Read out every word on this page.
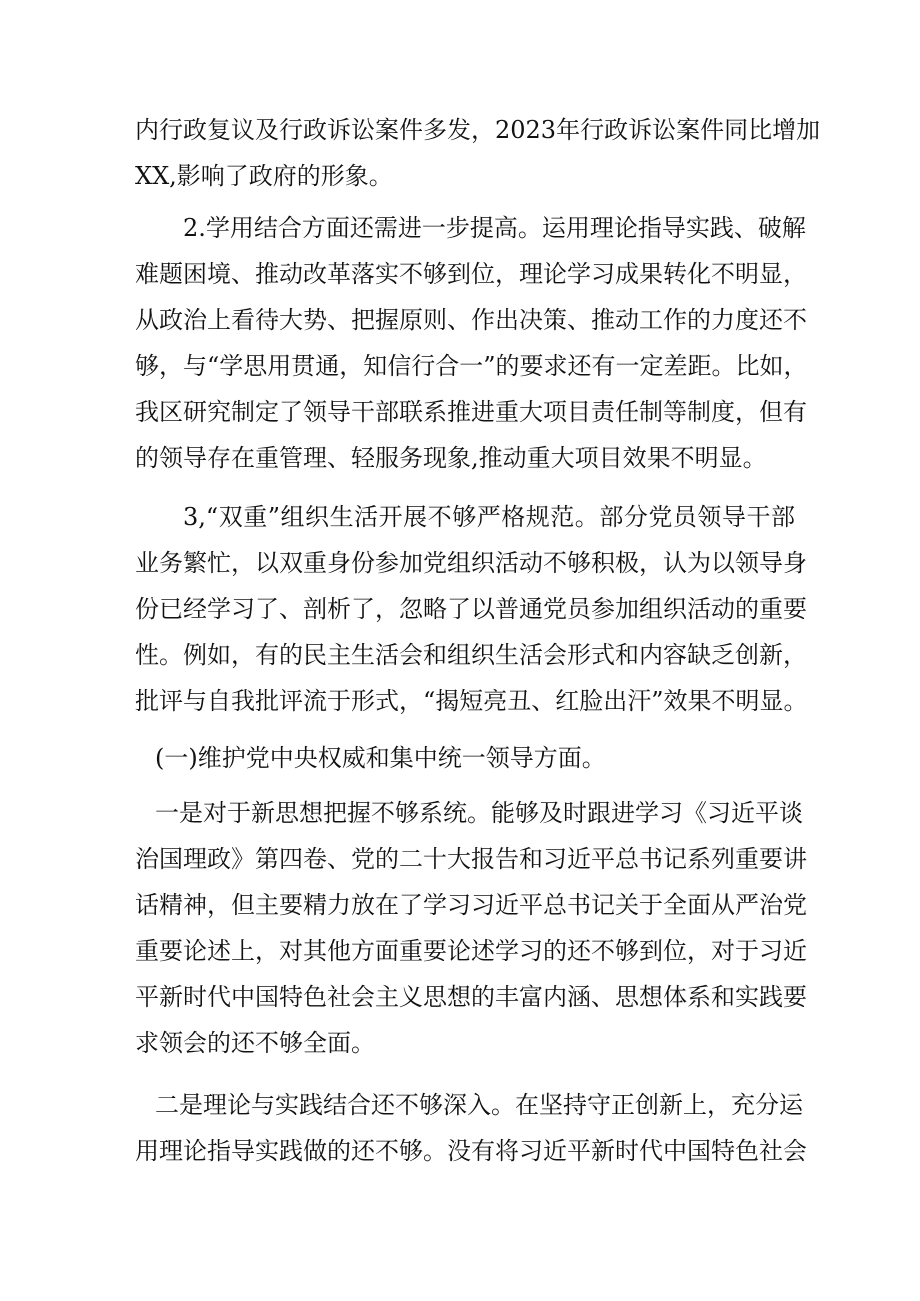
内行政复议及行政诉讼案件多发，2023年行政诉讼案件同比增加
XX,影响了政府的形象。
2.学用结合方面还需进一步提高。运用理论指导实践、破解
难题困境、推动改革落实不够到位，理论学习成果转化不明显，
从政治上看待大势、把握原则、作出决策、推动工作的力度还不
够，与“学思用贯通，知信行合一”的要求还有一定差距。比如，
我区研究制定了领导干部联系推进重大项目责任制等制度，但有
的领导存在重管理、轻服务现象,推动重大项目效果不明显。
3,“双重”组织生活开展不够严格规范。部分党员领导干部
业务繁忙，以双重身份参加党组织活动不够积极，认为以领导身
份已经学习了、剖析了，忽略了以普通党员参加组织活动的重要
性。例如，有的民主生活会和组织生活会形式和内容缺乏创新，
批评与自我批评流于形式，“揭短亮丑、红脸出汗”效果不明显。
(一)维护党中央权威和集中统一领导方面。
一是对于新思想把握不够系统。能够及时跟进学习《习近平谈
治国理政》第四卷、党的二十大报告和习近平总书记系列重要讲
话精神，但主要精力放在了学习习近平总书记关于全面从严治党
重要论述上，对其他方面重要论述学习的还不够到位，对于习近
平新时代中国特色社会主义思想的丰富内涵、思想体系和实践要
求领会的还不够全面。
二是理论与实践结合还不够深入。在坚持守正创新上，充分运
用理论指导实践做的还不够。没有将习近平新时代中国特色社会
